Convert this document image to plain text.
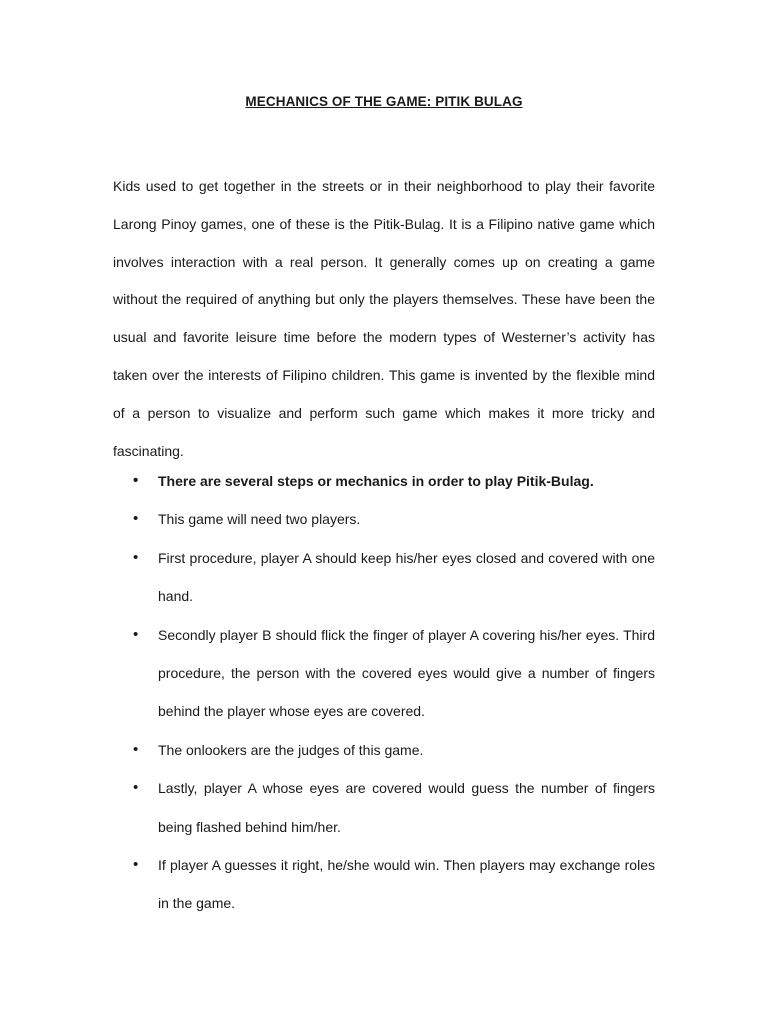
MECHANICS OF THE GAME: PITIK BULAG

Kids used to get together in the streets or in their neighborhood to play their favorite Larong Pinoy games, one of these is the Pitik-Bulag. It is a Filipino native game which involves interaction with a real person. It generally comes up on creating a game without the required of anything but only the players themselves. These have been the usual and favorite leisure time before the modern types of Westerner’s activity has taken over the interests of Filipino children. This game is invented by the flexible mind of a person to visualize and perform such game which makes it more tricky and fascinating.

• There are several steps or mechanics in order to play Pitik-Bulag.
• This game will need two players.
• First procedure, player A should keep his/her eyes closed and covered with one hand.
• Secondly player B should flick the finger of player A covering his/her eyes. Third procedure, the person with the covered eyes would give a number of fingers behind the player whose eyes are covered.
• The onlookers are the judges of this game.
• Lastly, player A whose eyes are covered would guess the number of fingers being flashed behind him/her.
• If player A guesses it right, he/she would win. Then players may exchange roles in the game.
